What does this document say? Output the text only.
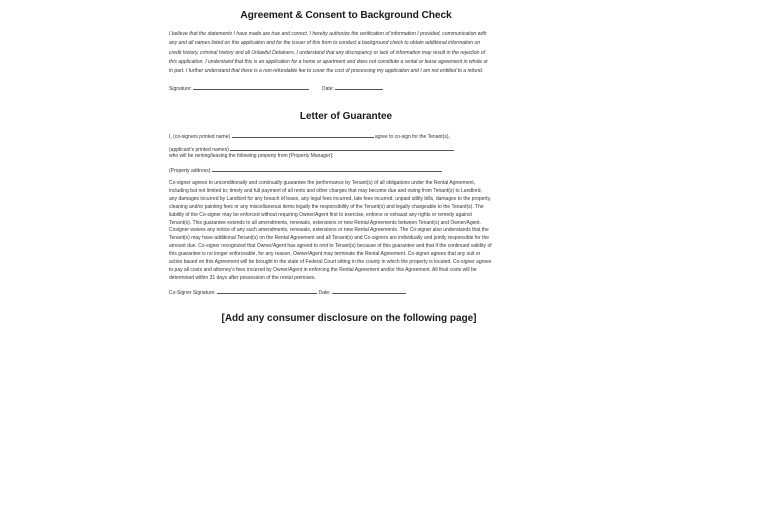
Agreement & Consent to Background Check
I believe that the statements I have made are true and correct. I hereby authorize the verification of information I provided, communication with
any and all names listed on this application and for the issuer of this form to conduct a background check to obtain additional information on
credit history, criminal history and all Unlawful Detainers. I understand that any discrepancy or lack of information may result in the rejection of
this application. I understand that this is an application for a home or apartment and does not constitute a rental or lease agreement in whole or
in part. I further understand that there is a non-refundable fee to cover the cost of processing my application and I am not entitled to a refund.
Signature:	Date:
Letter of Guarantee
I, (co-signers printed name)	agree to co-sign for the Tenant(s),
(applicant's printed names)
who will be renting/leasing the following property from [Property Manager]:
(Property address)
Co-signer agrees to unconditionally and continually guarantee the performance by Tenant(s) of all obligations under the Rental Agreement,
including but not limited to; timely and full payment of all rents and other charges that may become due and owing from Tenant(s) to Landlord,
any damages incurred by Landlord for any breach of lease, any legal fees incurred, late fees incurred, unpaid utility bills, damages to the property,
cleaning and/or painting fees or any miscellaneous items legally the responsibility of the Tenant(s) and legally chargeable to the Tenant(s). The
liability of the Co-signer may be enforced without requiring Owner/Agent first to exercise, enforce or exhaust any rights or remedy against
Tenant(s). This guarantee extends to all amendments, renewals, extensions or new Rental Agreements between Tenant(s) and Owner/Agent.
Cosigner waives any notice of any such amendments, renewals, extensions or new Rental Agreements. The Co-signer also understands that the
Tenant(s) may have additional Tenant(s) on the Rental Agreement and all Tenant(s) and Co-signers are individually and jointly responsible for the
amount due. Co-signer recognized that Owner/Agent has agreed to rent to Tenant(s) because of this guarantee and that if the continued validity of
this guarantee is no longer enforceable, for any reason, Owner/Agent may terminate the Rental Agreement. Co-signer agrees that any suit or
action based on this Agreement will be brought in the state of Federal Court sitting in the county in which the property is located. Co-signer agrees
to pay all costs and attorney's fees incurred by Owner/Agent in enforcing the Rental Agreement and/or this Agreement. All final costs will be
determined within 31 days after possession of the rental premises.
Co-Signer Signature:	Date:
[Add any consumer disclosure on the following page]
